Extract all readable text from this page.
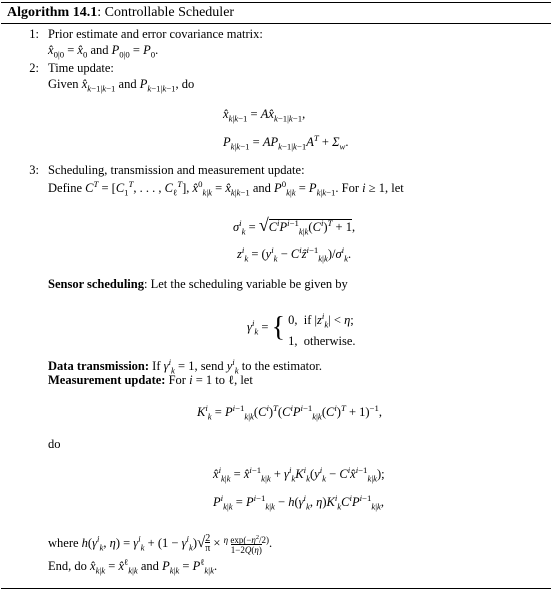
Algorithm 14.1: Controllable Scheduler
1: Prior estimate and error covariance matrix:
$x̂_{0|0}$ = $x̂_0$ and $P_{0|0} = P_0$.
2: Time update:
Given $x̂_{k-1|k-1}$ and $P_{k-1|k-1}$, do
$x̂_{k|k-1}$ = $Ax̂_{k-1|k-1}$,
$P_{k|k-1} = AP_{k-1|k-1}A^T + \Sigma_w$.
3: Scheduling, transmission and measurement update:
Define $C^T = [C_1^T$, . . . , $C_\ell^T$], x̂$^0_{k|k}$ = $x̂_{k|k-1}$ and $P^0_{k|k} = P_{k|k-1}$. For i ≥ 1, let
$\sigma^i_k = √C^iP^{i-1}_{k|k}(C^i)^T + 1$,
$z^i_k = (y^i_k$ − $C^iẑ^{i-1}_{k|k})/\sigma^i_k$.
Sensor scheduling: Let the scheduling variable be given by
$\gamma^i_k$ = { 0,  if $|z^i_k| < \eta$;
1,  otherwise.
Data transmission: If $\gamma^i_k = 1$, send $y^i_k$ to the estimator.
Measurement update: For i = 1 to ℓ, let
$K^i_k = P^{i-1}_{k|k}(C^i)^T(C^iP^{i-1}_{k|k}(C^i)^T + 1)^{-1}$,
do
x̂$^i_{k|k}$ = x̂$^{i-1}_{k|k}$ + $\gamma^i_kK^i_k(y^i_k$ − $C^ix̂^{i-1}_{k|k}$);
$P^i_{k|k} = P^{i-1}_{k|k} - h(\gamma^i_k$, $\eta)K^i_kC^iP^{i-1}_{k|k}$,
where $h(\gamma^i_k$, $\eta) = \gamma^i_k + (1 - \gamma^i_k)√2$
π × η $\exp(-\eta^2/2)$
1−2Q(η).
End, do $x̂_{k|k}$ = x̂$^\ell_{k|k}$ and $P_{k|k} = P^\ell_{k|k}$.
